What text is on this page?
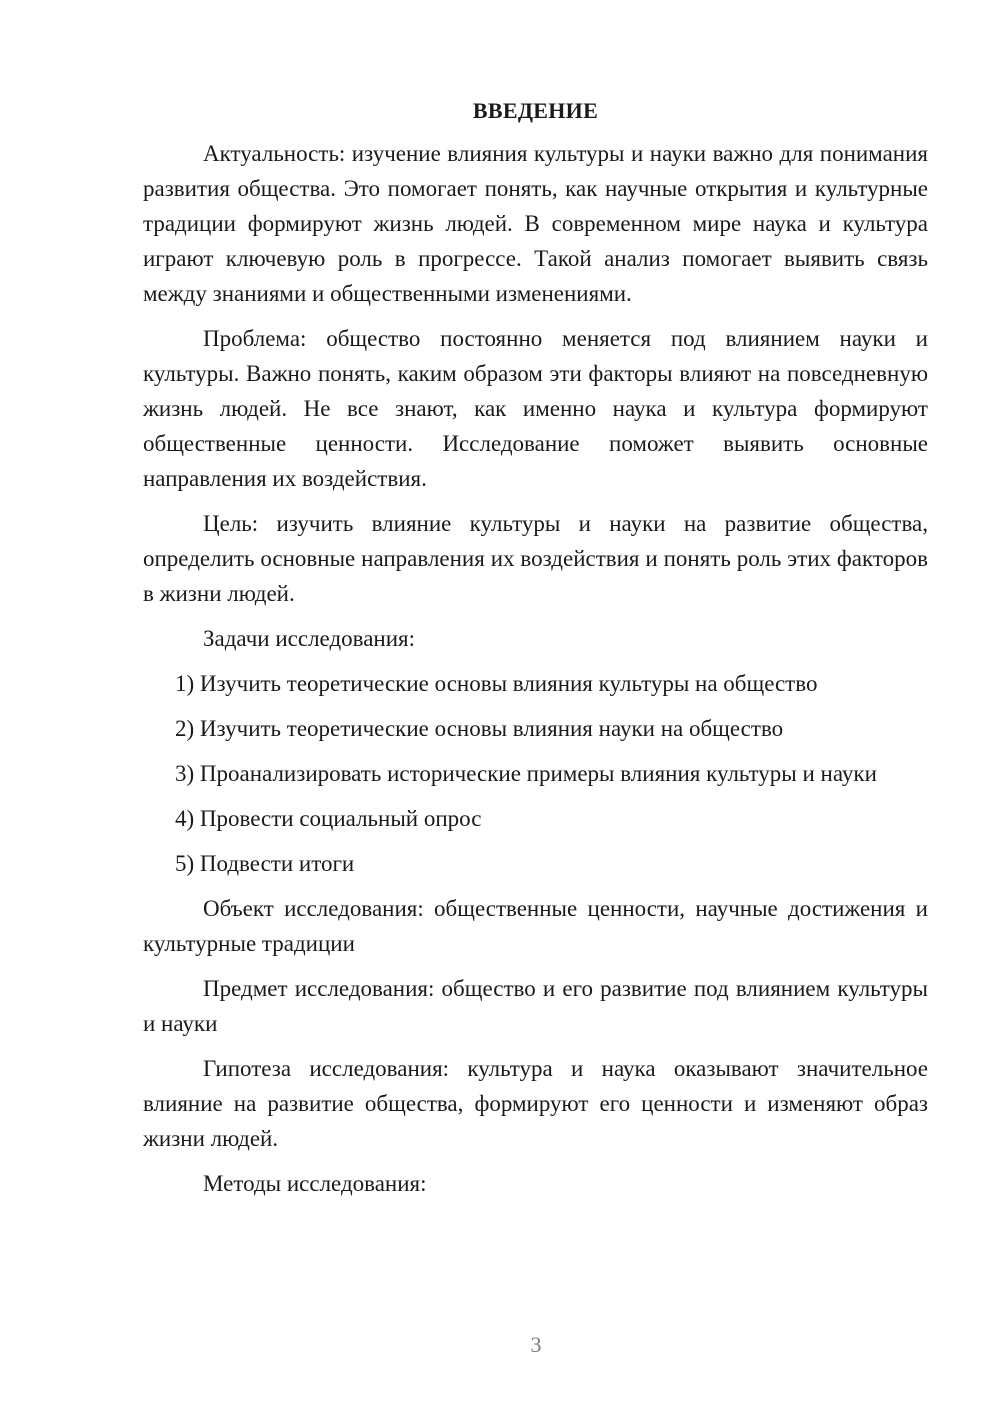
ВВЕДЕНИЕ

Актуальность: изучение влияния культуры и науки важно для понимания развития общества. Это помогает понять, как научные открытия и культурные традиции формируют жизнь людей. В современном мире наука и культура играют ключевую роль в прогрессе. Такой анализ помогает выявить связь между знаниями и общественными изменениями.

Проблема: общество постоянно меняется под влиянием науки и культуры. Важно понять, каким образом эти факторы влияют на повседневную жизнь людей. Не все знают, как именно наука и культура формируют общественные ценности. Исследование поможет выявить основные направления их воздействия.

Цель: изучить влияние культуры и науки на развитие общества, определить основные направления их воздействия и понять роль этих факторов в жизни людей.

Задачи исследования:

1) Изучить теоретические основы влияния культуры на общество

2) Изучить теоретические основы влияния науки на общество

3) Проанализировать исторические примеры влияния культуры и науки

4) Провести социальный опрос

5) Подвести итоги

Объект исследования: общественные ценности, научные достижения и культурные традиции

Предмет исследования: общество и его развитие под влиянием культуры и науки

Гипотеза исследования: культура и наука оказывают значительное влияние на развитие общества, формируют его ценности и изменяют образ жизни людей.

Методы исследования:

3
